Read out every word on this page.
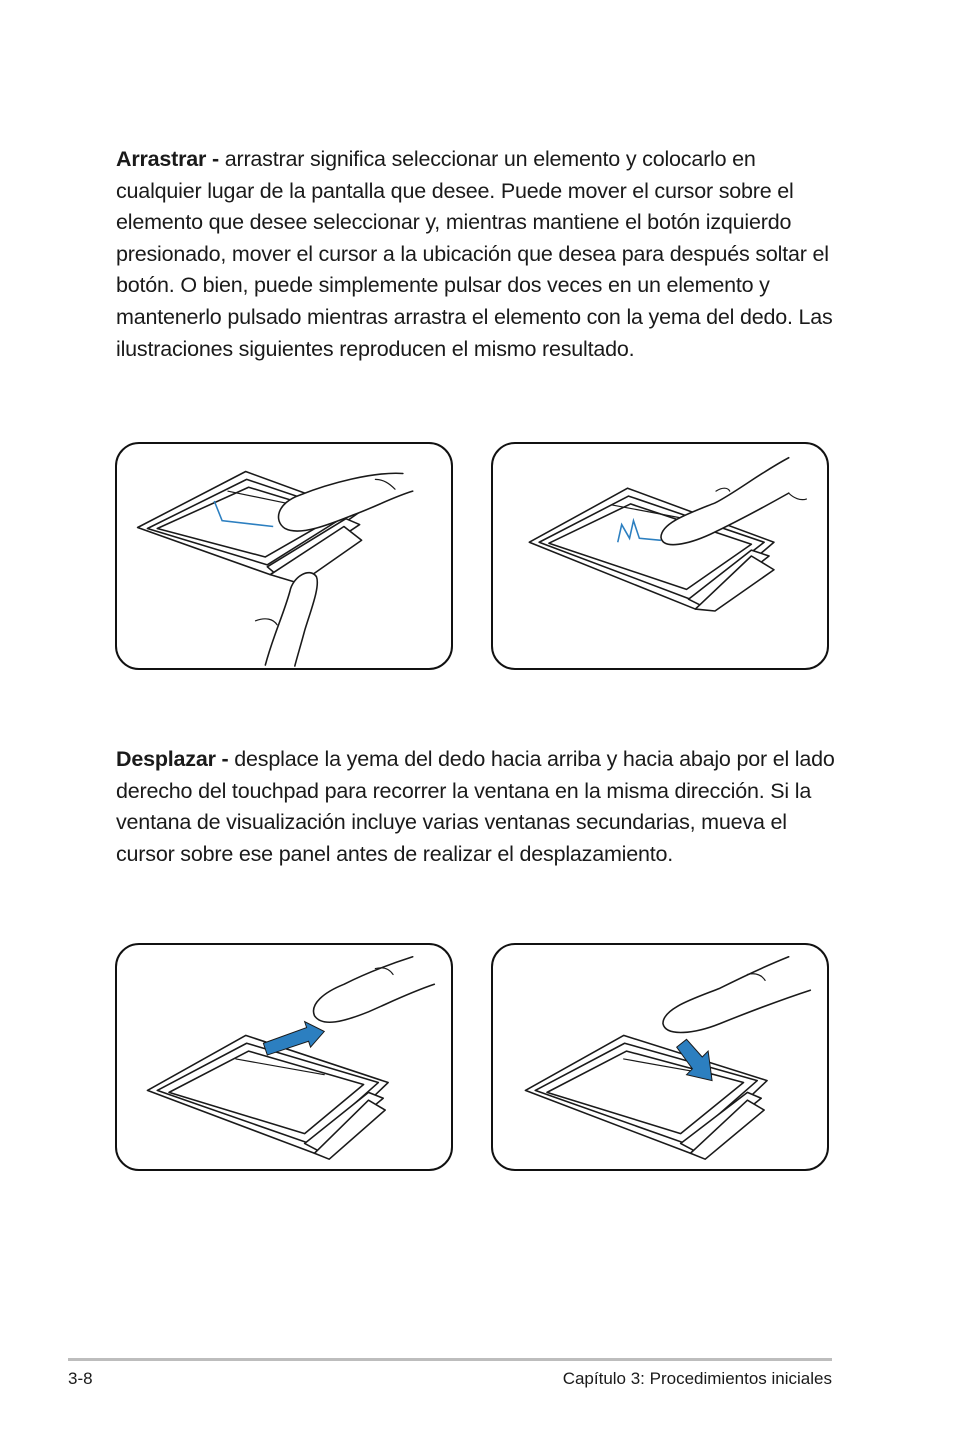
Arrastrar - arrastrar significa seleccionar un elemento y colocarlo en cualquier lugar de la pantalla que desee. Puede mover el cursor sobre el elemento que desee seleccionar y, mientras mantiene el botón izquierdo presionado, mover el cursor a la ubicación que desea para después soltar el botón. O bien, puede simplemente pulsar dos veces en un elemento y mantenerlo pulsado mientras arrastra el elemento con la yema del dedo. Las ilustraciones siguientes reproducen el mismo resultado.

Desplazar - desplace la yema del dedo hacia arriba y hacia abajo por el lado derecho del touchpad para recorrer la ventana en la misma dirección. Si la ventana de visualización incluye varias ventanas secundarias, mueva el cursor sobre ese panel antes de realizar el desplazamiento.

3-8	Capítulo 3: Procedimientos iniciales
